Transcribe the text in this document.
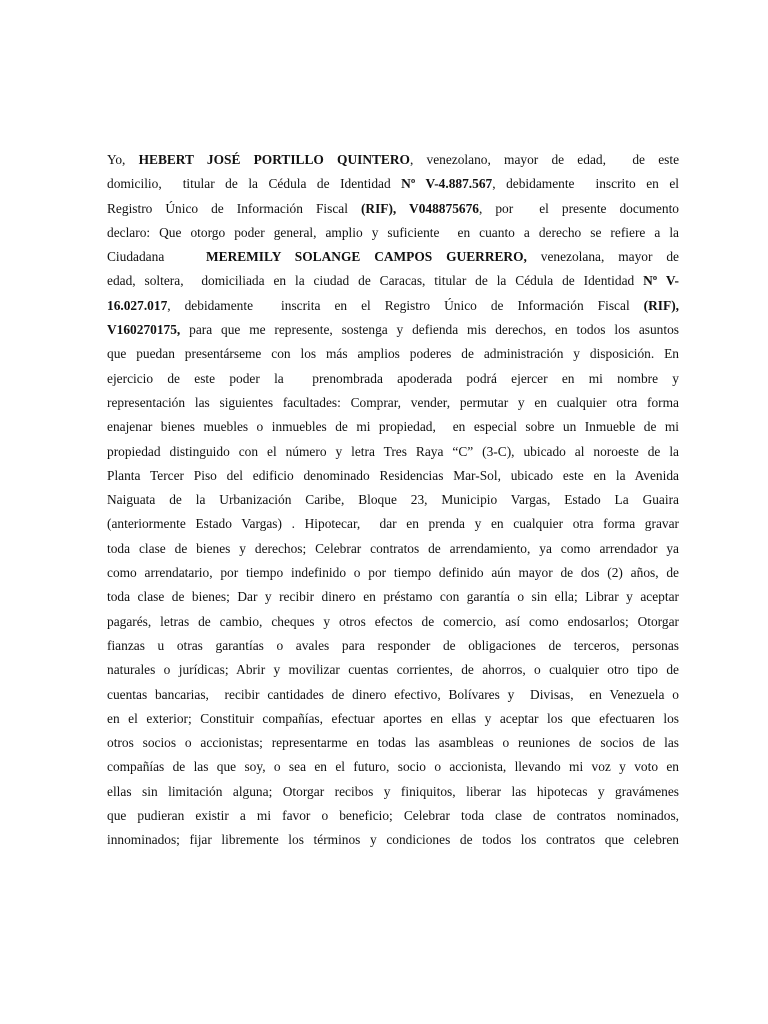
Yo, HEBERT JOSÉ PORTILLO QUINTERO, venezolano, mayor de edad,  de este
domicilio,  titular de la Cédula de Identidad Nº V-4.887.567, debidamente  inscrito en el
Registro Único de Información Fiscal (RIF), V048875676, por  el presente documento
declaro: Que otorgo poder general, amplio y suficiente  en cuanto a derecho se refiere a la
Ciudadana   MEREMILY SOLANGE CAMPOS GUERRERO, venezolana, mayor de
edad, soltera,  domiciliada en la ciudad de Caracas, titular de la Cédula de Identidad Nº V-
16.027.017, debidamente  inscrita en el Registro Único de Información Fiscal (RIF),
V160270175, para que me represente, sostenga y defienda mis derechos, en todos los asuntos
que puedan presentárseme con los más amplios poderes de administración y disposición. En
ejercicio de este poder la  prenombrada apoderada podrá ejercer en mi nombre y
representación las siguientes facultades: Comprar, vender, permutar y en cualquier otra forma
enajenar bienes muebles o inmuebles de mi propiedad,  en especial sobre un Inmueble de mi
propiedad distinguido con el número y letra Tres Raya “C” (3-C), ubicado al noroeste de la
Planta Tercer Piso del edificio denominado Residencias Mar-Sol, ubicado este en la Avenida
Naiguata de la Urbanización Caribe, Bloque 23, Municipio Vargas, Estado La Guaira
(anteriormente Estado Vargas) . Hipotecar,  dar en prenda y en cualquier otra forma gravar
toda clase de bienes y derechos; Celebrar contratos de arrendamiento, ya como arrendador ya
como arrendatario, por tiempo indefinido o por tiempo definido aún mayor de dos (2) años, de
toda clase de bienes; Dar y recibir dinero en préstamo con garantía o sin ella; Librar y aceptar
pagarés, letras de cambio, cheques y otros efectos de comercio, así como endosarlos; Otorgar
fianzas u otras garantías o avales para responder de obligaciones de terceros, personas
naturales o jurídicas; Abrir y movilizar cuentas corrientes, de ahorros, o cualquier otro tipo de
cuentas bancarias,  recibir cantidades de dinero efectivo, Bolívares y  Divisas,  en Venezuela o
en el exterior; Constituir compañías, efectuar aportes en ellas y aceptar los que efectuaren los
otros socios o accionistas; representarme en todas las asambleas o reuniones de socios de las
compañías de las que soy, o sea en el futuro, socio o accionista, llevando mi voz y voto en
ellas sin limitación alguna; Otorgar recibos y finiquitos, liberar las hipotecas y gravámenes
que pudieran existir a mi favor o beneficio; Celebrar toda clase de contratos nominados,
innominados; fijar libremente los términos y condiciones de todos los contratos que celebren
